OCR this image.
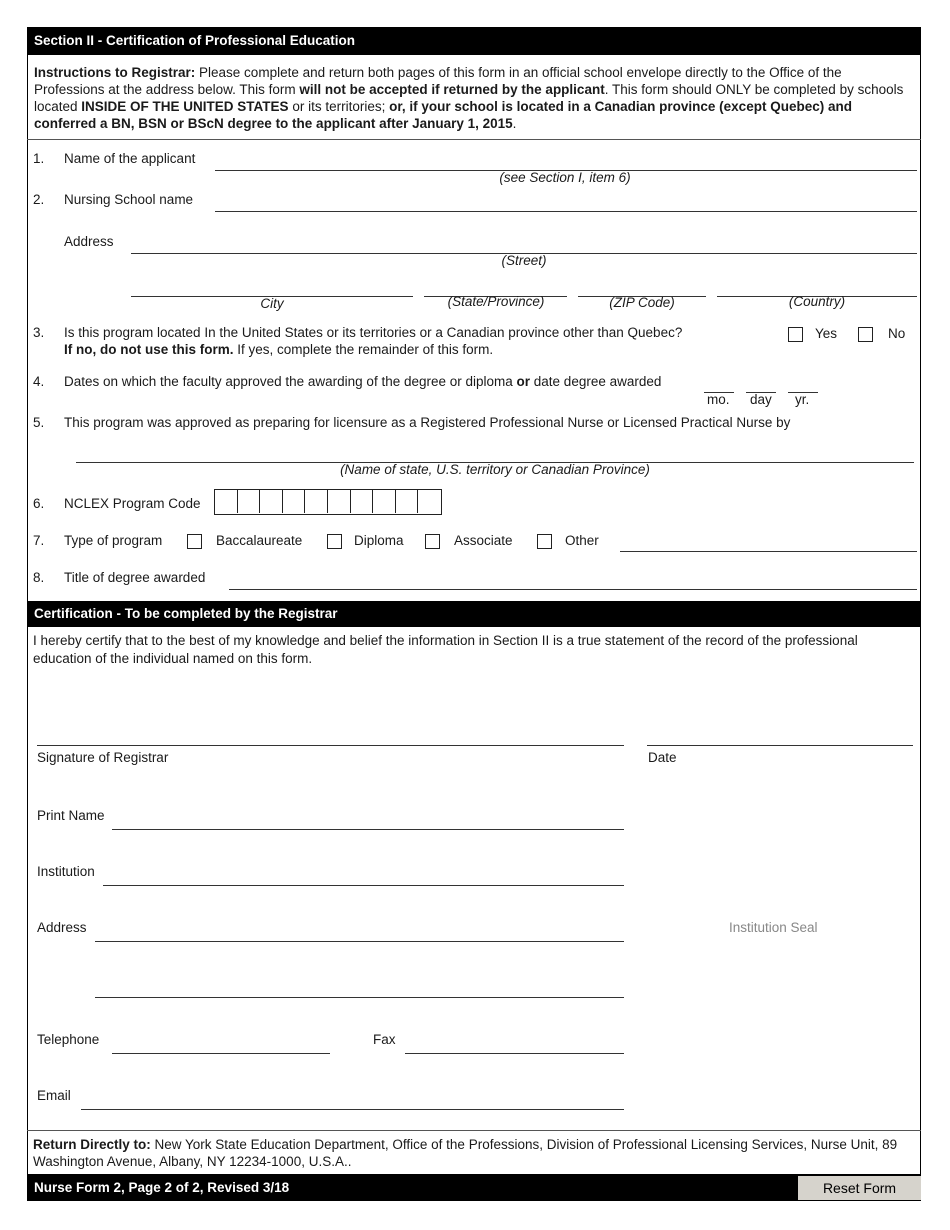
Section II - Certification of Professional Education
Instructions to Registrar: Please complete and return both pages of this form in an official school envelope directly to the Office of the Professions at the address below. This form will not be accepted if returned by the applicant. This form should ONLY be completed by schools located INSIDE OF THE UNITED STATES or its territories; or, if your school is located in a Canadian province (except Quebec) and conferred a BN, BSN or BScN degree to the applicant after January 1, 2015.
1. Name of the applicant
(see Section I, item 6)
2. Nursing School name
Address
(Street)
City	(State/Province)	(ZIP Code)	(Country)
3. Is this program located In the United States or its territories or a Canadian province other than Quebec?
If no, do not use this form. If yes, complete the remainder of this form.
Yes	No
4. Dates on which the faculty approved the awarding of the degree or diploma or date degree awarded
mo. day yr.
5. This program was approved as preparing for licensure as a Registered Professional Nurse or Licensed Practical Nurse by
(Name of state, U.S. territory or Canadian Province)
6. NCLEX Program Code
7. Type of program	Baccalaureate	Diploma	Associate	Other
8. Title of degree awarded
Certification - To be completed by the Registrar
I hereby certify that to the best of my knowledge and belief the information in Section II is a true statement of the record of the professional education of the individual named on this form.
Signature of Registrar	Date
Print Name
Institution
Address	Institution Seal
Telephone	Fax
Email
Return Directly to: New York State Education Department, Office of the Professions, Division of Professional Licensing Services, Nurse Unit, 89 Washington Avenue, Albany, NY 12234-1000, U.S.A..
Nurse Form 2, Page 2 of 2, Revised 3/18	Reset Form
